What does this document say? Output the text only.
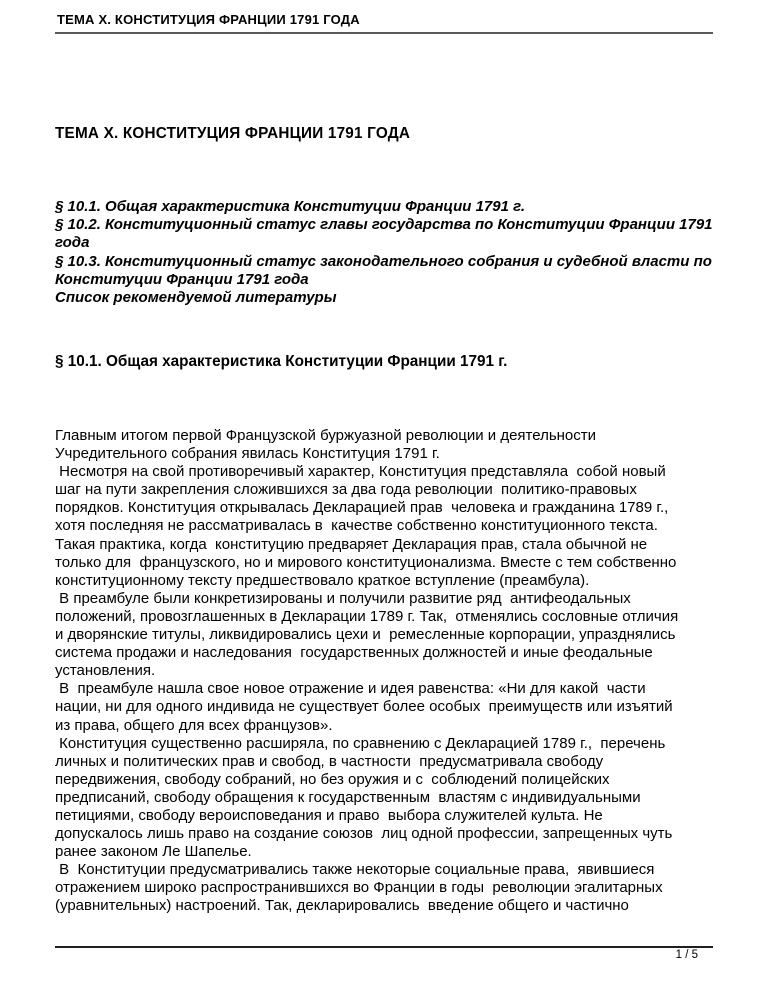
ТЕМА X. КОНСТИТУЦИЯ ФРАНЦИИ 1791 ГОДА
ТЕМА X. КОНСТИТУЦИЯ ФРАНЦИИ 1791 ГОДА
§ 10.1. Общая характеристика Конституции Франции 1791 г.
§ 10.2. Конституционный статус главы государства по Конституции Франции 1791
года
§ 10.3. Конституционный статус законодательного собрания и судебной власти по
Конституции Франции 1791 года
Список рекомендуемой литературы
§ 10.1. Общая характеристика Конституции Франции 1791 г.
Главным итогом первой Французской буржуазной революции и деятельности
Учредительного собрания явилась Конституция 1791 г.
Несмотря на свой противоречивый характер, Конституция представляла  собой новый
шаг на пути закрепления сложившихся за два года революции  политико-правовых
порядков. Конституция открывалась Декларацией прав  человека и гражданина 1789 г.,
хотя последняя не рассматривалась в  качестве собственно конституционного текста.
Такая практика, когда  конституцию предваряет Декларация прав, стала обычной не
только для  французского, но и мирового конституционализма. Вместе с тем собственно
конституционному тексту предшествовало краткое вступление (преамбула).
В преамбуле были конкретизированы и получили развитие ряд  антифеодальных
положений, провозглашенных в Декларации 1789 г. Так,  отменялись сословные отличия
и дворянские титулы, ликвидировались цехи и  ремесленные корпорации, упразднялись
система продажи и наследования  государственных должностей и иные феодальные
установления.
В  преамбуле нашла свое новое отражение и идея равенства: «Ни для какой  части
нации, ни для одного индивида не существует более особых  преимуществ или изъятий
из права, общего для всех французов».
Конституция существенно расширяла, по сравнению с Декларацией 1789 г.,  перечень
личных и политических прав и свобод, в частности  предусматривала свободу
передвижения, свободу собраний, но без оружия и с  соблюдений полицейских
предписаний, свободу обращения к государственным  властям с индивидуальными
петициями, свободу вероисповедания и право  выбора служителей культа. Не
допускалось лишь право на создание союзов  лиц одной профессии, запрещенных чуть
ранее законом Ле Шапелье.
В  Конституции предусматривались также некоторые социальные права,  явившиеся
отражением широко распространившихся во Франции в годы  революции эгалитарных
(уравнительных) настроений. Так, декларировались  введение общего и частично
1 / 5
